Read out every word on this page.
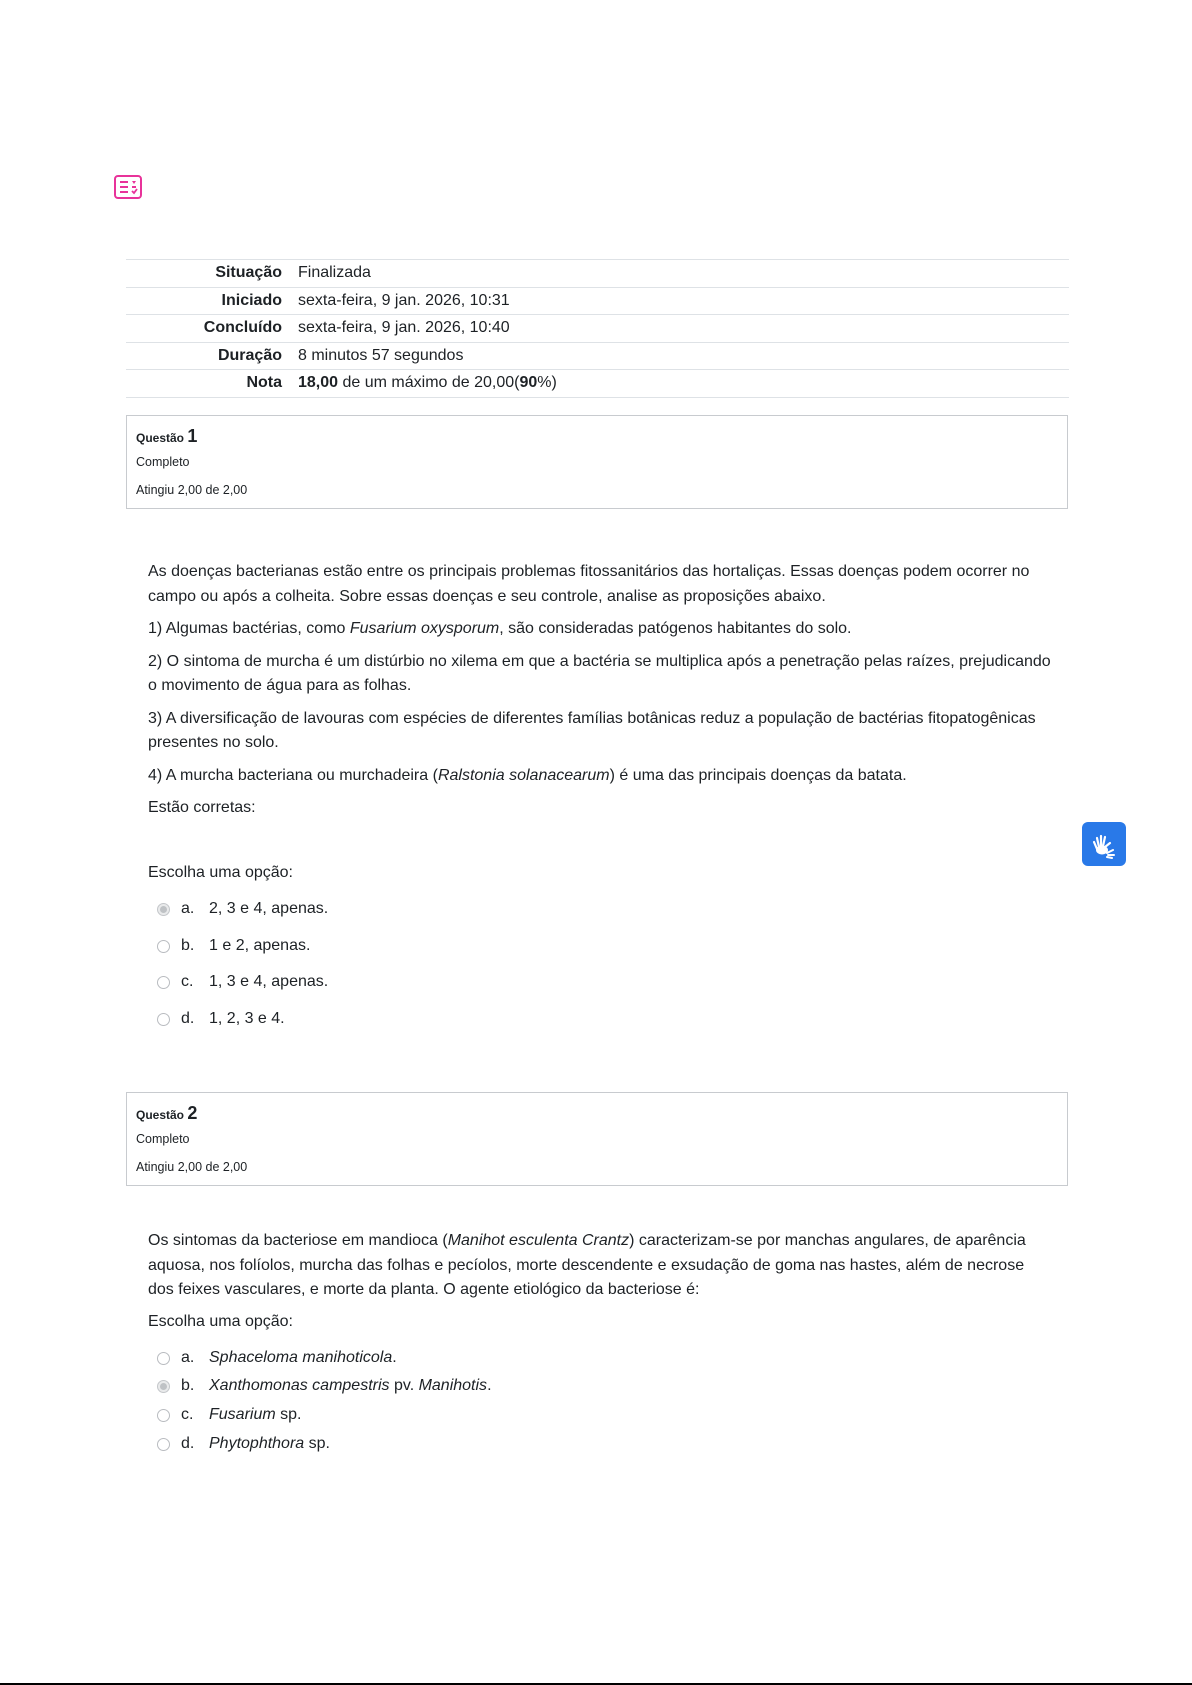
Situação	Finalizada
Iniciado	sexta-feira, 9 jan. 2026, 10:31
Concluído	sexta-feira, 9 jan. 2026, 10:40
Duração	8 minutos 57 segundos
Nota	18,00 de um máximo de 20,00(90%)
Questão 1
Completo
Atingiu 2,00 de 2,00

As doenças bacterianas estão entre os principais problemas fitossanitários das hortaliças. Essas doenças podem ocorrer no campo ou após a colheita. Sobre essas doenças e seu controle, analise as proposições abaixo.

1) Algumas bactérias, como Fusarium oxysporum, são consideradas patógenos habitantes do solo.

2) O sintoma de murcha é um distúrbio no xilema em que a bactéria se multiplica após a penetração pelas raízes, prejudicando o movimento de água para as folhas.

3) A diversificação de lavouras com espécies de diferentes famílias botânicas reduz a população de bactérias fitopatogênicas presentes no solo.

4) A murcha bacteriana ou murchadeira (Ralstonia solanacearum) é uma das principais doenças da batata.

Estão corretas:

Escolha uma opção:
a. 2, 3 e 4, apenas.
b. 1 e 2, apenas.
c. 1, 3 e 4, apenas.
d. 1, 2, 3 e 4.
Questão 2
Completo
Atingiu 2,00 de 2,00

Os sintomas da bacteriose em mandioca (Manihot esculenta Crantz) caracterizam-se por manchas angulares, de aparência aquosa, nos folíolos, murcha das folhas e pecíolos, morte descendente e exsudação de goma nas hastes, além de necrose dos feixes vasculares, e morte da planta. O agente etiológico da bacteriose é:

Escolha uma opção:
a. Sphaceloma manihoticola .
b. Xanthomonas campestris pv. Manihotis .
c. Fusarium sp.
d. Phytophthora sp.
